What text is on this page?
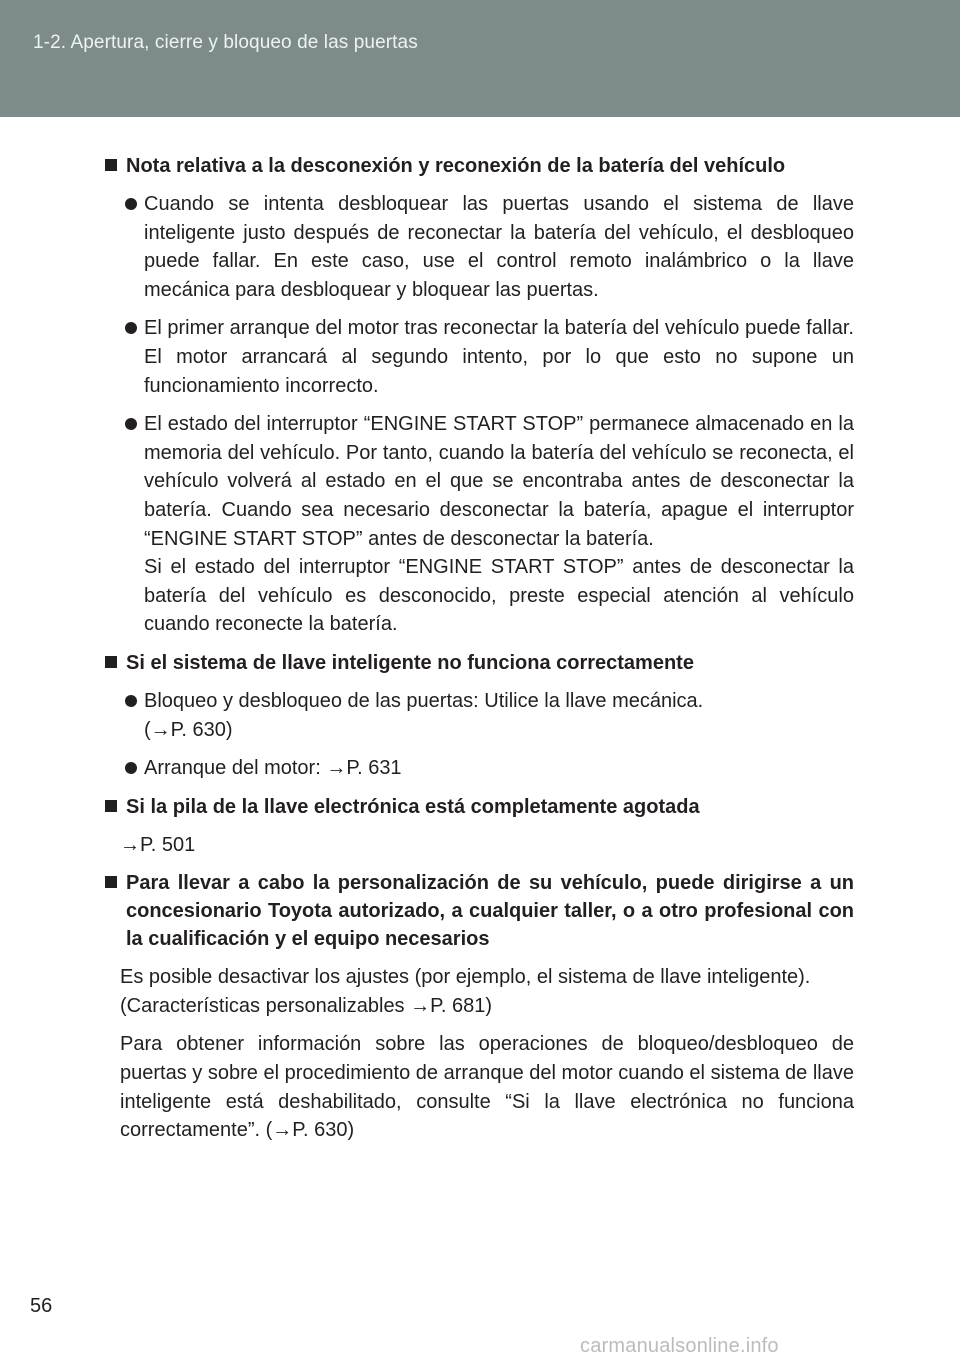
1-2. Apertura, cierre y bloqueo de las puertas
Nota relativa a la desconexión y reconexión de la batería del vehículo

Cuando se intenta desbloquear las puertas usando el sistema de llave inteligente justo después de reconectar la batería del vehículo, el desbloqueo puede fallar. En este caso, use el control remoto inalámbrico o la llave mecánica para desbloquear y bloquear las puertas.

El primer arranque del motor tras reconectar la batería del vehículo puede fallar. El motor arrancará al segundo intento, por lo que esto no supone un funcionamiento incorrecto.

El estado del interruptor “ENGINE START STOP” permanece almacenado en la memoria del vehículo. Por tanto, cuando la batería del vehículo se reconecta, el vehículo volverá al estado en el que se encontraba antes de desconectar la batería. Cuando sea necesario desconectar la batería, apague el interruptor “ENGINE START STOP” antes de desconectar la batería.

Si el estado del interruptor “ENGINE START STOP” antes de desconectar la batería del vehículo es desconocido, preste especial atención al vehículo cuando reconecte la batería.

Si el sistema de llave inteligente no funciona correctamente

Bloqueo y desbloqueo de las puertas: Utilice la llave mecánica.

(→P. 630)

Arranque del motor: →P. 631

Si la pila de la llave electrónica está completamente agotada

→P. 501

Para llevar a cabo la personalización de su vehículo, puede dirigirse a un concesionario Toyota autorizado, a cualquier taller, o a otro profesional con la cualificación y el equipo necesarios

Es posible desactivar los ajustes (por ejemplo, el sistema de llave inteligente).

(Características personalizables →P. 681)

Para obtener información sobre las operaciones de bloqueo/desbloqueo de puertas y sobre el procedimiento de arranque del motor cuando el sistema de llave inteligente está deshabilitado, consulte “Si la llave electrónica no funciona correctamente”. (→P. 630)

56
carmanualsonline.info
